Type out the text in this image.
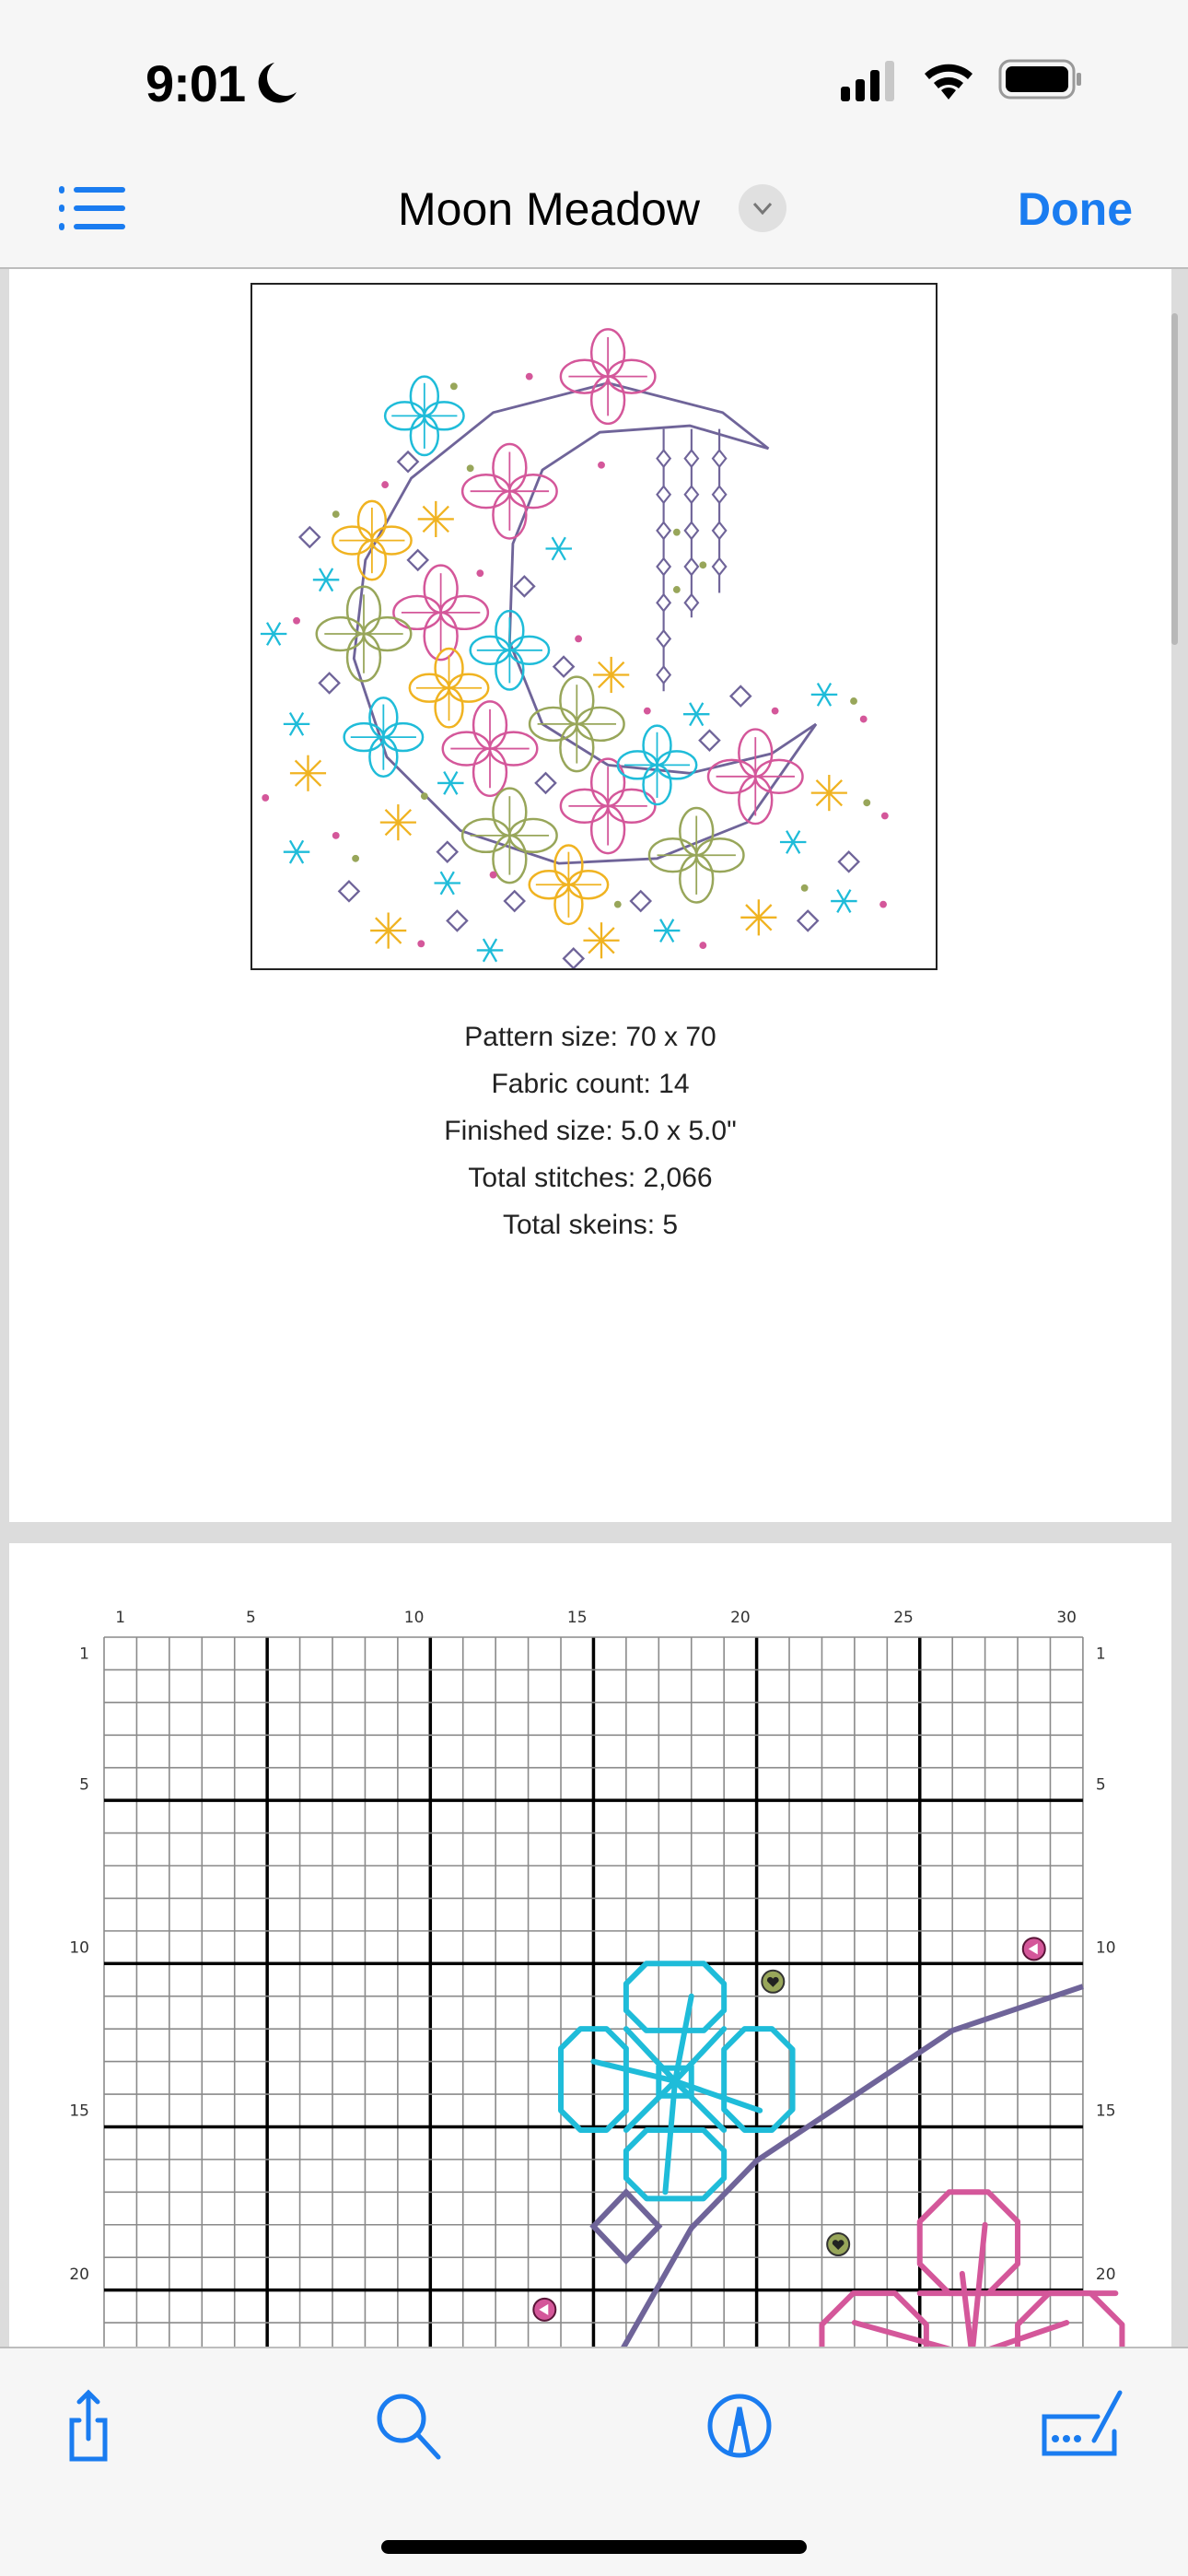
9:01
Moon Meadow	Done
Pattern size: 70 x 70
Fabric count: 14
Finished size: 5.0 x 5.0"
Total stitches: 2,066
Total skeins: 5
1	5	10	15	20	25	30
1	1
5	5
10	10
15	15
20	20
